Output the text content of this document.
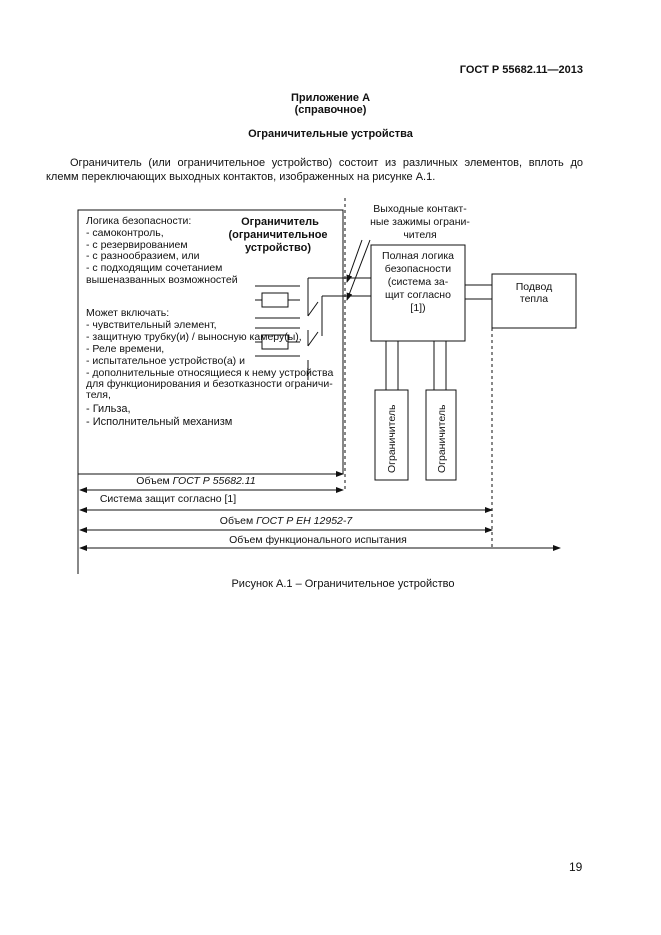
ГОСТ Р 55682.11—2013
Приложение А
(справочное)
Ограничительные устройства
Ограничитель (или ограничительное устройство) состоит из различных элементов, вплоть до клемм переключающих выходных контактов, изображенных на рисунке А.1.
Ограничитель
(ограничительное
устройство)
Логика безопасности:
- самоконтроль,
- с резервированием
- с разнообразием, или
- с подходящим сочетанием
вышеназванных возможностей
Может включать:
- чувствительный элемент,
- защитную трубку(и) / выносную камеру(ы),
- Реле времени,
- испытательное устройство(а) и
- дополнительные относящиеся к нему устройства
для функционирования и безотказности ограничи-
теля,
- Гильза,
- Исполнительный механизм
Выходные контакт-
ные зажимы ограни-
чителя
Полная логика
безопасности
(система за-
щит согласно
[1])
Подвод
тепла
Ограничитель	Ограничитель
Объем ГОСТ Р 55682.11
Система защит согласно [1]
Объем ГОСТ Р ЕН 12952-7
Объем функционального испытания
Рисунок А.1 – Ограничительное устройство
19
